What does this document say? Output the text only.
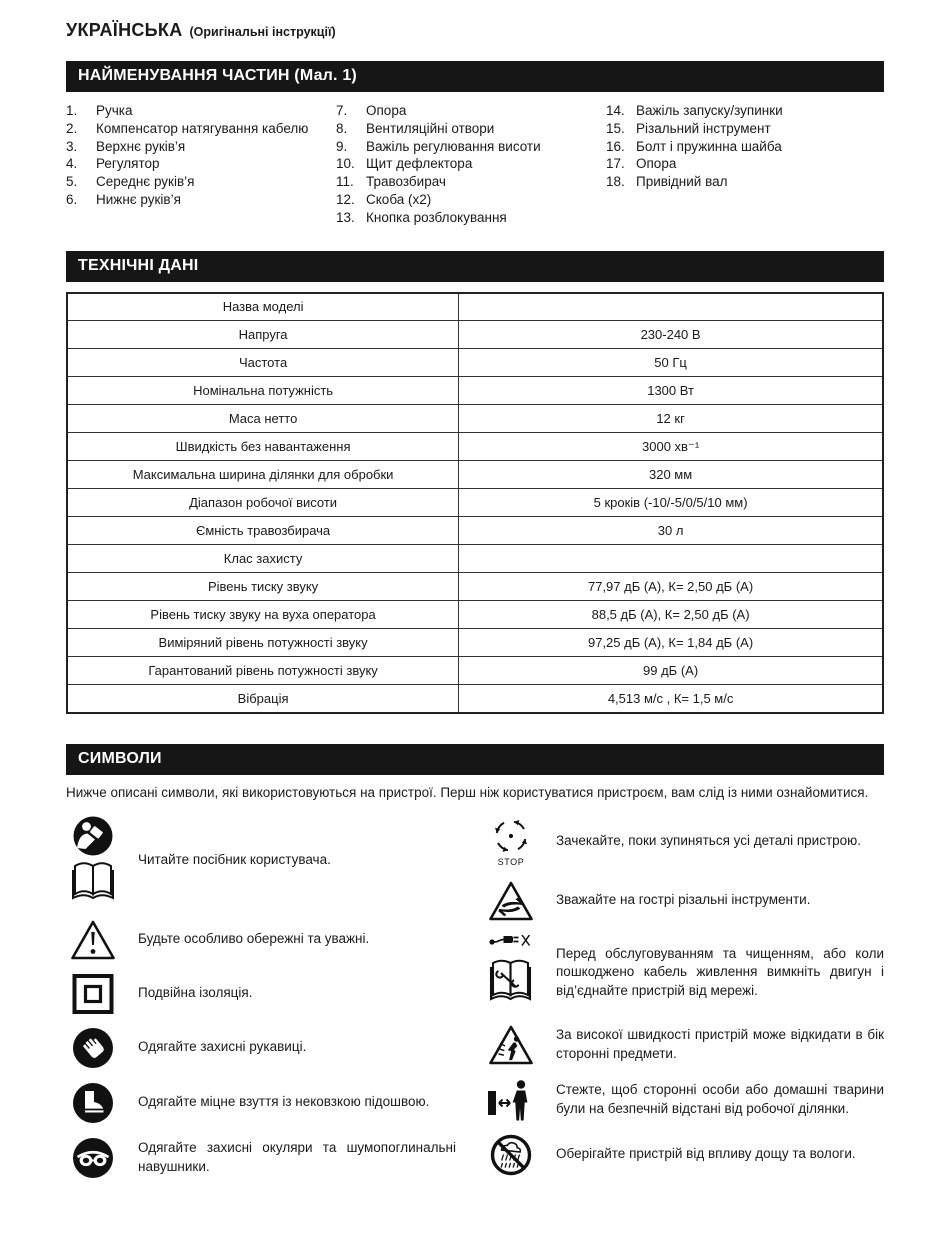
УКРАЇНСЬКА (Оригінальні інструкції)
НАЙМЕНУВАННЯ ЧАСТИН (Мал. 1)
1.	Ручка
2.	Компенсатор натягування кабелю
3.	Верхнє руків’я
4.	Регулятор
5.	Середнє руків’я
6.	Нижнє руків’я
7.	Опора
8.	Вентиляційні отвори
9.	Важіль регулювання висоти
10. Щит дефлектора
11. Травозбирач
12. Скоба (x2)
13. Кнопка розблокування
14. Важіль запуску/зупинки
15. Різальний інструмент
16. Болт і пружинна шайба
17. Опора
18. Привідний вал
ТЕХНІЧНІ ДАНІ
Назва моделі	
Напруга	230-240 В
Частота	50 Гц
Номінальна потужність	1300 Вт
Маса нетто	12 кг
Швидкість без навантаження	3000 хв⁻¹
Максимальна ширина ділянки для обробки	320 мм
Діапазон робочої висоти	5 кроків (-10/-5/0/5/10 мм)
Ємність травозбирача	30 л
Клас захисту	
Рівень тиску звуку	77,97 дБ (А), К= 2,50 дБ (А)
Рівень тиску звуку на вуха оператора	88,5 дБ (А), К= 2,50 дБ (А)
Виміряний рівень потужності звуку	97,25 дБ (А), К= 1,84 дБ (А)
Гарантований рівень потужності звуку	99 дБ (А)
Вібрація	4,513 м/с , К= 1,5 м/с
СИМВОЛИ

Нижче описані символи, які використовуються на пристрої. Перш ніж користуватися пристроєм, вам слід із ними ознайомитися.

Читайте посібник користувача.

Будьте особливо обережні та уважні.

Подвійна ізоляція.

Одягайте захисні рукавиці.

Одягайте міцне взуття із нековзкою підошвою.

Одягайте захисні окуляри та шумопоглинальні навушники.

STOP

Зачекайте, поки зупиняться усі деталі пристрою.

Зважайте на гострі різальні інструменти.

Перед обслуговуванням та чищенням, або коли пошкоджено кабель живлення вимкніть двигун і від’єднайте пристрій від мережі.

За високої швидкості пристрій може відкидати в бік сторонні предмети.

Стежте, щоб сторонні особи або домашні тварини були на безпечній відстані від робочої ділянки.

Оберігайте пристрій від впливу дощу та вологи.
